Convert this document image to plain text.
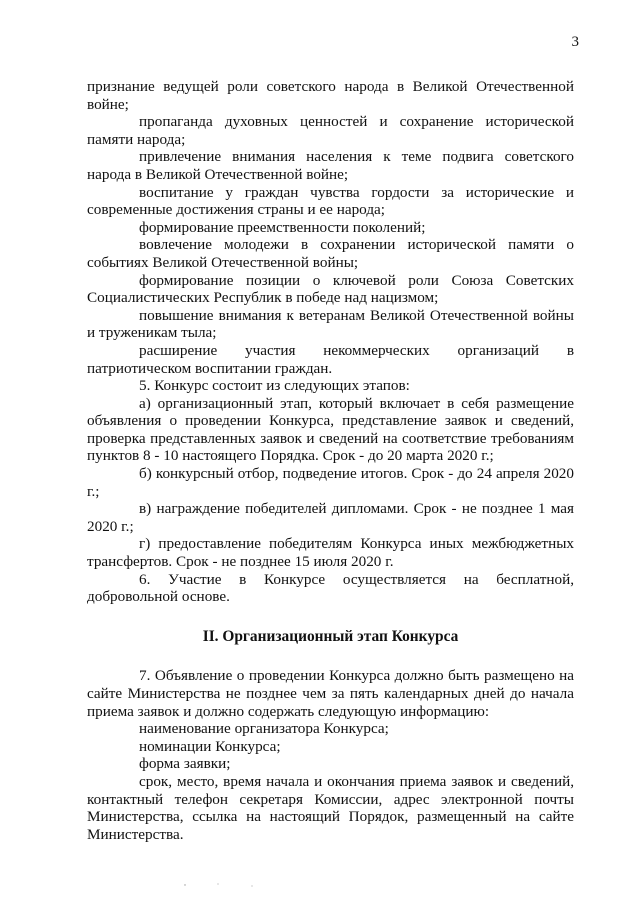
3

признание ведущей роли советского народа в Великой Отечественной войне;

пропаганда духовных ценностей и сохранение исторической памяти народа;

привлечение внимания населения к теме подвига советского народа в Великой Отечественной войне;

воспитание у граждан чувства гордости за исторические и современные достижения страны и ее народа;

формирование преемственности поколений;

вовлечение молодежи в сохранении исторической памяти о событиях Великой Отечественной войны;

формирование позиции о ключевой роли Союза Советских Социалистических Республик в победе над нацизмом;

повышение внимания к ветеранам Великой Отечественной войны и труженикам тыла;

расширение участия некоммерческих организаций в патриотическом воспитании граждан.

5. Конкурс состоит из следующих этапов:

а) организационный этап, который включает в себя размещение объявления о проведении Конкурса, представление заявок и сведений, проверка представленных заявок и сведений на соответствие требованиям пунктов 8 - 10 настоящего Порядка. Срок - до 20 марта 2020 г.;

б) конкурсный отбор, подведение итогов. Срок - до 24 апреля 2020 г.;

в) награждение победителей дипломами. Срок - не позднее 1 мая 2020 г.;

г) предоставление победителям Конкурса иных межбюджетных трансфертов. Срок - не позднее 15 июля 2020 г.

6. Участие в Конкурсе осуществляется на бесплатной, добровольной основе.

II. Организационный этап Конкурса

7. Объявление о проведении Конкурса должно быть размещено на сайте Министерства не позднее чем за пять календарных дней до начала приема заявок и должно содержать следующую информацию:

наименование организатора Конкурса;

номинации Конкурса;

форма заявки;

срок, место, время начала и окончания приема заявок и сведений, контактный телефон секретаря Комиссии, адрес электронной почты Министерства, ссылка на настоящий Порядок, размещенный на сайте Министерства.
